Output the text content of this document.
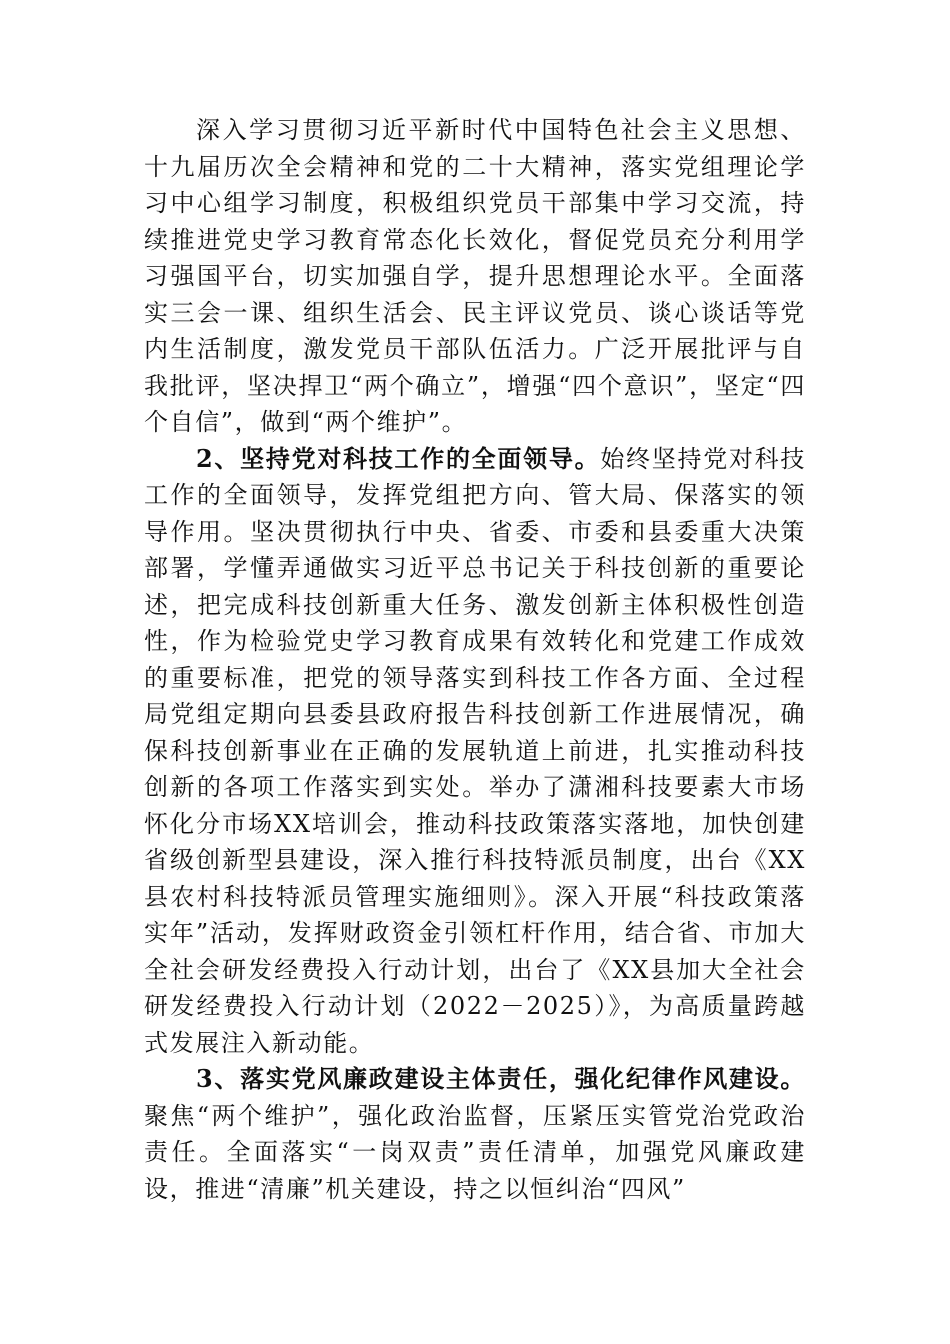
深入学习贯彻习近平新时代中国特色社会主义思想、十九届历次全会精神和党的二十大精神，落实党组理论学习中心组学习制度，积极组织党员干部集中学习交流，持续推进党史学习教育常态化长效化，督促党员充分利用学习强国平台，切实加强自学，提升思想理论水平。全面落实三会一课、组织生活会、民主评议党员、谈心谈话等党内生活制度，激发党员干部队伍活力。广泛开展批评与自我批评，坚决捍卫“两个确立”，增强“四个意识”，坚定“四个自信”，做到“两个维护”。

2、坚持党对科技工作的全面领导。始终坚持党对科技工作的全面领导，发挥党组把方向、管大局、保落实的领导作用。坚决贯彻执行中央、省委、市委和县委重大决策部署，学懂弄通做实习近平总书记关于科技创新的重要论述，把完成科技创新重大任务、激发创新主体积极性创造性，作为检验党史学习教育成果有效转化和党建工作成效的重要标准，把党的领导落实到科技工作各方面、全过程局党组定期向县委县政府报告科技创新工作进展情况，确保科技创新事业在正确的发展轨道上前进，扎实推动科技创新的各项工作落实到实处。举办了潇湘科技要素大市场怀化分市场XX培训会，推动科技政策落实落地，加快创建省级创新型县建设，深入推行科技特派员制度，出台《XX县农村科技特派员管理实施细则》。深入开展“科技政策落实年”活动，发挥财政资金引领杠杆作用，结合省、市加大全社会研发经费投入行动计划，出台了《XX县加大全社会研发经费投入行动计划（2022－2025）》，为高质量跨越式发展注入新动能。

3、落实党风廉政建设主体责任，强化纪律作风建设。聚焦“两个维护”，强化政治监督，压紧压实管党治党政治责任。全面落实“一岗双责”责任清单，加强党风廉政建设，推进“清廉”机关建设，持之以恒纠治“四风”
